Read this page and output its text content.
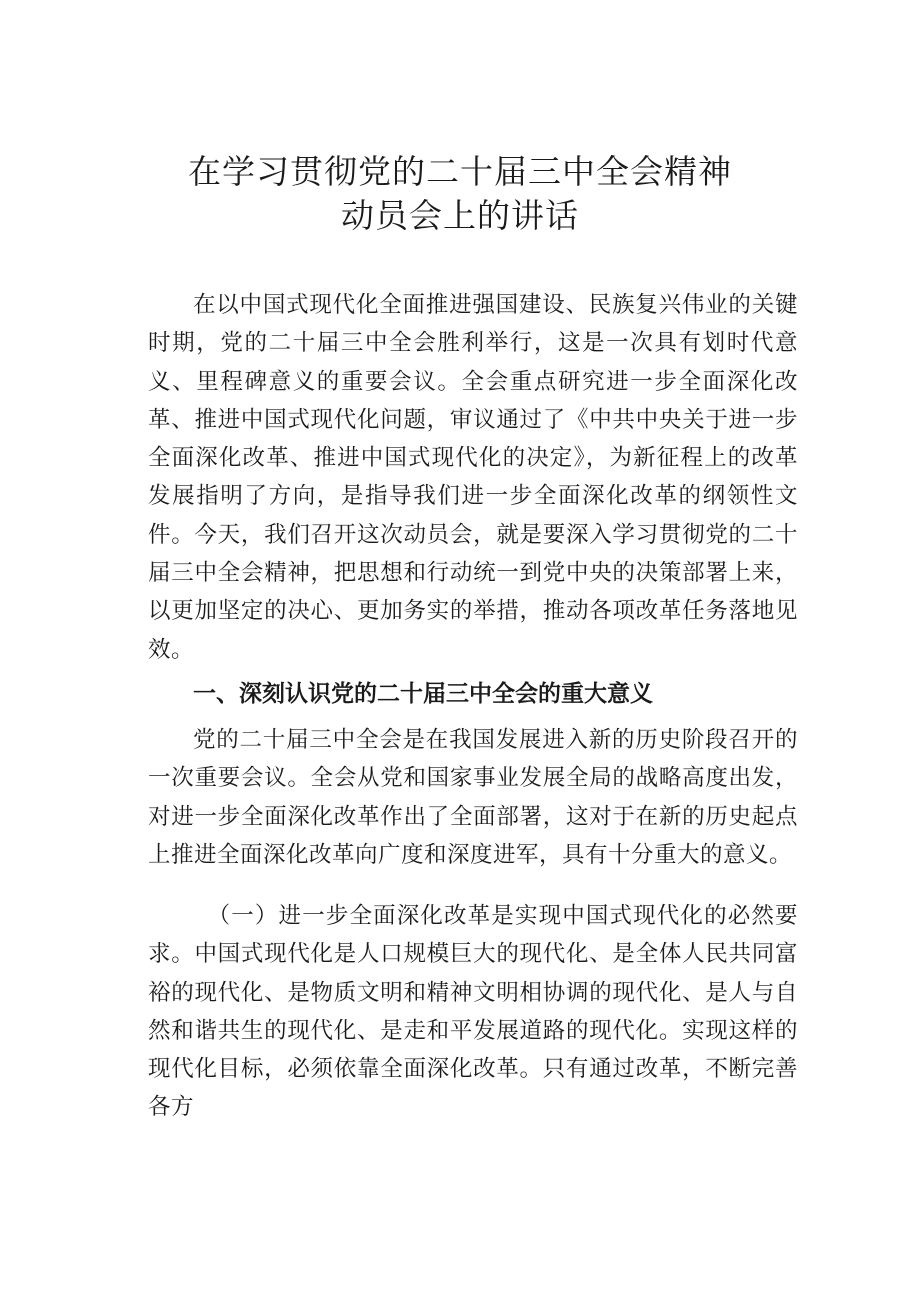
在学习贯彻党的二十届三中全会精神
动员会上的讲话

在以中国式现代化全面推进强国建设、民族复兴伟业的关键时期，党的二十届三中全会胜利举行，这是一次具有划时代意义、里程碑意义的重要会议。全会重点研究进一步全面深化改革、推进中国式现代化问题，审议通过了《中共中央关于进一步全面深化改革、推进中国式现代化的决定》，为新征程上的改革发展指明了方向，是指导我们进一步全面深化改革的纲领性文件。今天，我们召开这次动员会，就是要深入学习贯彻党的二十届三中全会精神，把思想和行动统一到党中央的决策部署上来，以更加坚定的决心、更加务实的举措，推动各项改革任务落地见效。

一、深刻认识党的二十届三中全会的重大意义

党的二十届三中全会是在我国发展进入新的历史阶段召开的一次重要会议。全会从党和国家事业发展全局的战略高度出发，对进一步全面深化改革作出了全面部署，这对于在新的历史起点上推进全面深化改革向广度和深度进军，具有十分重大的意义。

（一）进一步全面深化改革是实现中国式现代化的必然要求。中国式现代化是人口规模巨大的现代化、是全体人民共同富裕的现代化、是物质文明和精神文明相协调的现代化、是人与自然和谐共生的现代化、是走和平发展道路的现代化。实现这样的现代化目标，必须依靠全面深化改革。只有通过改革，不断完善各方
